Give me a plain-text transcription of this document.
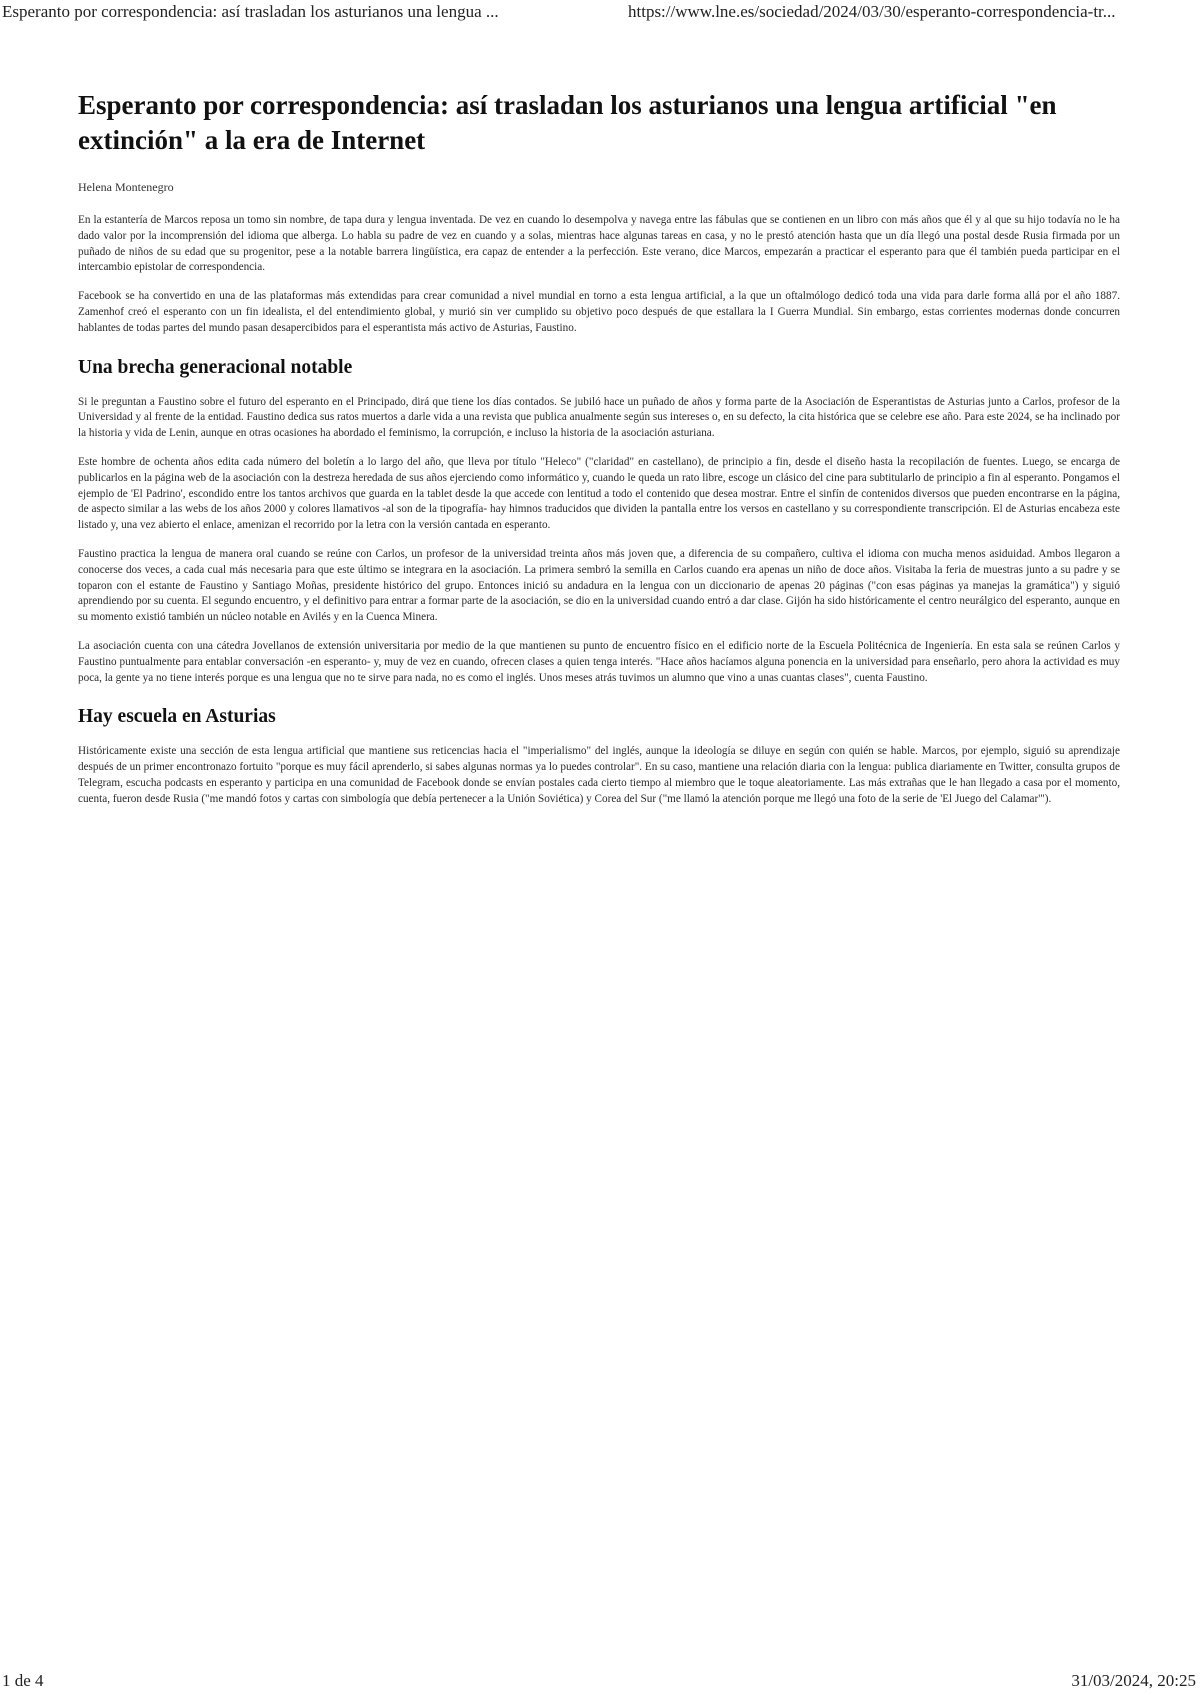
Esperanto por correspondencia: así trasladan los asturianos una lengua ...	https://www.lne.es/sociedad/2024/03/30/esperanto-correspondencia-tr...
Esperanto por correspondencia: así trasladan los asturianos una lengua artificial "en extinción" a la era de Internet
Helena Montenegro

En la estantería de Marcos reposa un tomo sin nombre, de tapa dura y lengua inventada. De vez en cuando lo desempolva y navega entre las fábulas que se contienen en un libro con más años que él y al que su hijo todavía no le ha dado valor por la incomprensión del idioma que alberga. Lo habla su padre de vez en cuando y a solas, mientras hace algunas tareas en casa, y no le prestó atención hasta que un día llegó una postal desde Rusia firmada por un puñado de niños de su edad que su progenitor, pese a la notable barrera lingüística, era capaz de entender a la perfección. Este verano, dice Marcos, empezarán a practicar el esperanto para que él también pueda participar en el intercambio epistolar de correspondencia.

Facebook se ha convertido en una de las plataformas más extendidas para crear comunidad a nivel mundial en torno a esta lengua artificial, a la que un oftalmólogo dedicó toda una vida para darle forma allá por el año 1887. Zamenhof creó el esperanto con un fin idealista, el del entendimiento global, y murió sin ver cumplido su objetivo poco después de que estallara la I Guerra Mundial. Sin embargo, estas corrientes modernas donde concurren hablantes de todas partes del mundo pasan desapercibidos para el esperantista más activo de Asturias, Faustino.

Una brecha generacional notable

Si le preguntan a Faustino sobre el futuro del esperanto en el Principado, dirá que tiene los días contados. Se jubiló hace un puñado de años y forma parte de la Asociación de Esperantistas de Asturias junto a Carlos, profesor de la Universidad y al frente de la entidad. Faustino dedica sus ratos muertos a darle vida a una revista que publica anualmente según sus intereses o, en su defecto, la cita histórica que se celebre ese año. Para este 2024, se ha inclinado por la historia y vida de Lenin, aunque en otras ocasiones ha abordado el feminismo, la corrupción, e incluso la historia de la asociación asturiana.

Este hombre de ochenta años edita cada número del boletín a lo largo del año, que lleva por título "Heleco" ("claridad" en castellano), de principio a fin, desde el diseño hasta la recopilación de fuentes. Luego, se encarga de publicarlos en la página web de la asociación con la destreza heredada de sus años ejerciendo como informático y, cuando le queda un rato libre, escoge un clásico del cine para subtitularlo de principio a fin al esperanto. Pongamos el ejemplo de 'El Padrino', escondido entre los tantos archivos que guarda en la tablet desde la que accede con lentitud a todo el contenido que desea mostrar. Entre el sinfín de contenidos diversos que pueden encontrarse en la página, de aspecto similar a las webs de los años 2000 y colores llamativos -al son de la tipografía- hay himnos traducidos que dividen la pantalla entre los versos en castellano y su correspondiente transcripción. El de Asturias encabeza este listado y, una vez abierto el enlace, amenizan el recorrido por la letra con la versión cantada en esperanto.

Faustino practica la lengua de manera oral cuando se reúne con Carlos, un profesor de la universidad treinta años más joven que, a diferencia de su compañero, cultiva el idioma con mucha menos asiduidad. Ambos llegaron a conocerse dos veces, a cada cual más necesaria para que este último se integrara en la asociación. La primera sembró la semilla en Carlos cuando era apenas un niño de doce años. Visitaba la feria de muestras junto a su padre y se toparon con el estante de Faustino y Santiago Moñas, presidente histórico del grupo. Entonces inició su andadura en la lengua con un diccionario de apenas 20 páginas ("con esas páginas ya manejas la gramática") y siguió aprendiendo por su cuenta. El segundo encuentro, y el definitivo para entrar a formar parte de la asociación, se dio en la universidad cuando entró a dar clase. Gijón ha sido históricamente el centro neurálgico del esperanto, aunque en su momento existió también un núcleo notable en Avilés y en la Cuenca Minera.

La asociación cuenta con una cátedra Jovellanos de extensión universitaria por medio de la que mantienen su punto de encuentro físico en el edificio norte de la Escuela Politécnica de Ingeniería. En esta sala se reúnen Carlos y Faustino puntualmente para entablar conversación -en esperanto- y, muy de vez en cuando, ofrecen clases a quien tenga interés. "Hace años hacíamos alguna ponencia en la universidad para enseñarlo, pero ahora la actividad es muy poca, la gente ya no tiene interés porque es una lengua que no te sirve para nada, no es como el inglés. Unos meses atrás tuvimos un alumno que vino a unas cuantas clases", cuenta Faustino.

Hay escuela en Asturias

Históricamente existe una sección de esta lengua artificial que mantiene sus reticencias hacia el "imperialismo" del inglés, aunque la ideología se diluye en según con quién se hable. Marcos, por ejemplo, siguió su aprendizaje después de un primer encontronazo fortuito "porque es muy fácil aprenderlo, si sabes algunas normas ya lo puedes controlar". En su caso, mantiene una relación diaria con la lengua: publica diariamente en Twitter, consulta grupos de Telegram, escucha podcasts en esperanto y participa en una comunidad de Facebook donde se envían postales cada cierto tiempo al miembro que le toque aleatoriamente. Las más extrañas que le han llegado a casa por el momento, cuenta, fueron desde Rusia ("me mandó fotos y cartas con simbología que debía pertenecer a la Unión Soviética) y Corea del Sur ("me llamó la atención porque me llegó una foto de la serie de 'El Juego del Calamar'").

1 de 4	31/03/2024, 20:25
